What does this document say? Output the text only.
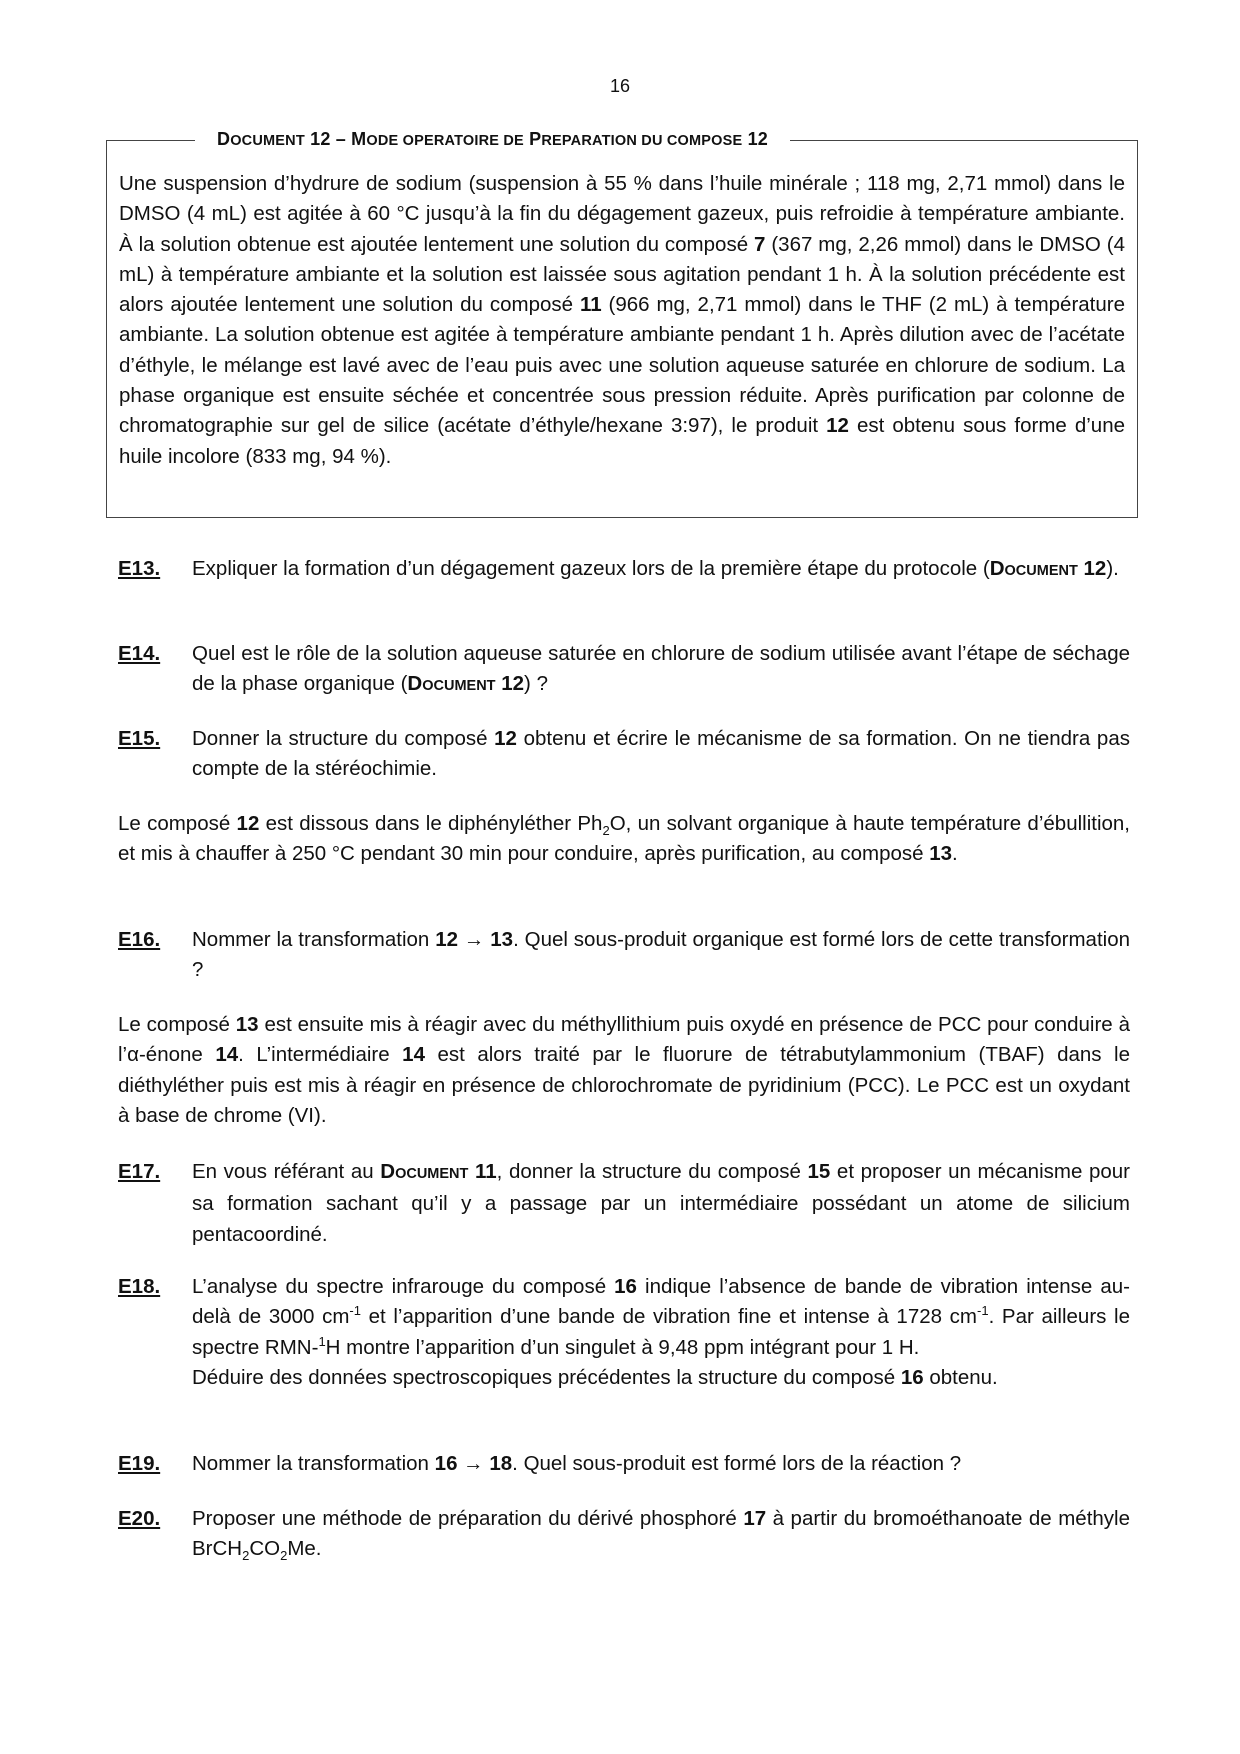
16
DOCUMENT 12 – MODE OPERATOIRE DE PREPARATION DU COMPOSE 12
Une suspension d’hydrure de sodium (suspension à 55 % dans l’huile minérale ; 118 mg, 2,71 mmol) dans le DMSO (4 mL) est agitée à 60 °C jusqu’à la fin du dégagement gazeux, puis refroidie à température ambiante. À la solution obtenue est ajoutée lentement une solution du composé 7 (367 mg, 2,26 mmol) dans le DMSO (4 mL) à température ambiante et la solution est laissée sous agitation pendant 1 h. À la solution précédente est alors ajoutée lentement une solution du composé 11 (966 mg, 2,71 mmol) dans le THF (2 mL) à température ambiante. La solution obtenue est agitée à température ambiante pendant 1 h. Après dilution avec de l’acétate d’éthyle, le mélange est lavé avec de l’eau puis avec une solution aqueuse saturée en chlorure de sodium. La phase organique est ensuite séchée et concentrée sous pression réduite. Après purification par colonne de chromatographie sur gel de silice (acétate d’éthyle/hexane 3:97), le produit 12 est obtenu sous forme d’une huile incolore (833 mg, 94 %).
E13. Expliquer la formation d’un dégagement gazeux lors de la première étape du protocole (DOCUMENT 12).
E14. Quel est le rôle de la solution aqueuse saturée en chlorure de sodium utilisée avant l’étape de séchage de la phase organique (DOCUMENT 12) ?
E15. Donner la structure du composé 12 obtenu et écrire le mécanisme de sa formation. On ne tiendra pas compte de la stéréochimie.
Le composé 12 est dissous dans le diphényléther $Ph_2O$, un solvant organique à haute température d’ébullition, et mis à chauffer à 250 °C pendant 30 min pour conduire, après purification, au composé 13.
E16. Nommer la transformation 12 → 13. Quel sous-produit organique est formé lors de cette transformation ?
Le composé 13 est ensuite mis à réagir avec du méthyllithium puis oxydé en présence de PCC pour conduire à l’α-énone 14. L’intermédiaire 14 est alors traité par le fluorure de tétrabutylammonium (TBAF) dans le diéthyléther puis est mis à réagir en présence de chlorochromate de pyridinium (PCC). Le PCC est un oxydant à base de chrome (VI).
E17. En vous référant au DOCUMENT 11, donner la structure du composé 15 et proposer un mécanisme pour sa formation sachant qu’il y a passage par un intermédiaire possédant un atome de silicium pentacoordiné.
E18. L’analyse du spectre infrarouge du composé 16 indique l’absence de bande de vibration intense au-delà de 3000 $cm^{-1}$ et l’apparition d’une bande de vibration fine et intense à 1728 $cm^{-1}$. Par ailleurs le spectre RMN-$^1$H montre l’apparition d’un singulet à 9,48 ppm intégrant pour 1 H.
Déduire des données spectroscopiques précédentes la structure du composé 16 obtenu.
E19. Nommer la transformation 16 → 18. Quel sous-produit est formé lors de la réaction ?
E20. Proposer une méthode de préparation du dérivé phosphoré 17 à partir du bromoéthanoate de méthyle $BrCH_2CO_2Me$.
